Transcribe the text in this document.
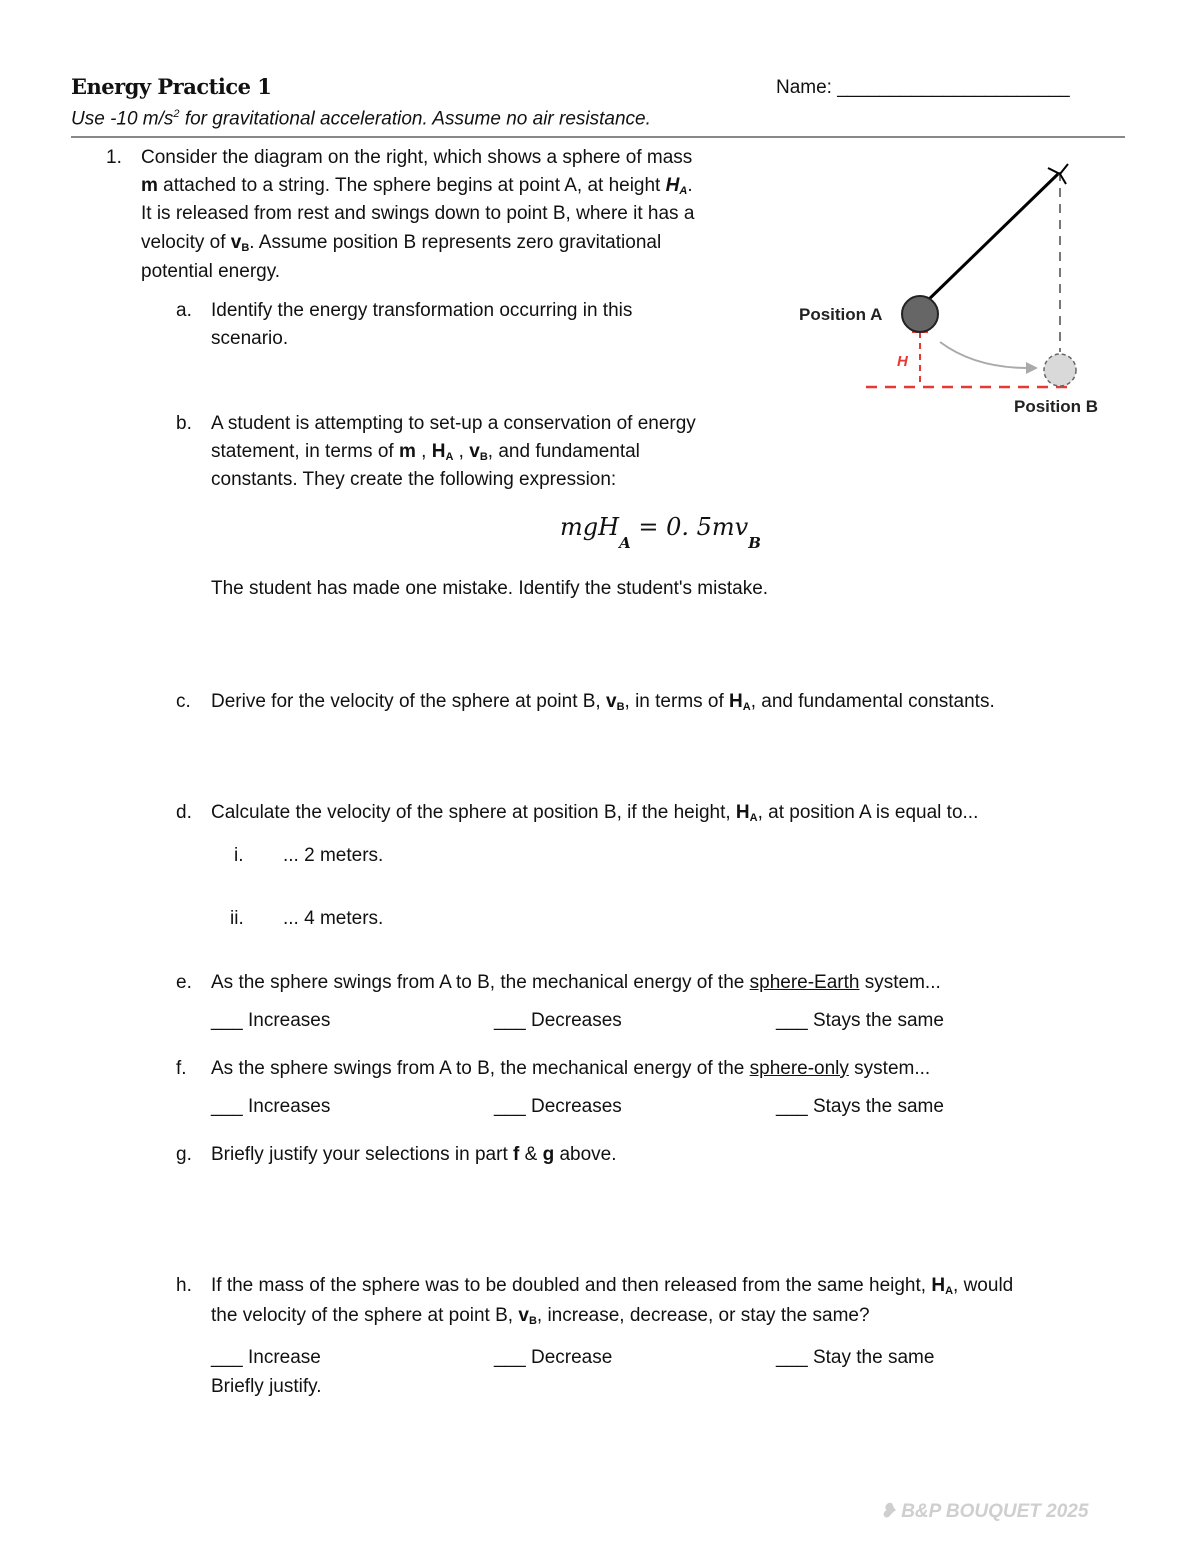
Energy Practice 1	Name: ______________________
Use -10 $m/s^2$ for gravitational acceleration. Assume no air resistance.

1. Consider the diagram on the right, which shows a sphere of mass

m attached to a string. The sphere begins at point A, at height $H_A$.

It is released from rest and swings down to point B, where it has a

velocity of $v_B$. Assume position B represents zero gravitational

potential energy.

a. Identify the energy transformation occurring in this

scenario.

b. A student is attempting to set-up a conservation of energy

statement, in terms of m , $H_A$ , $v_B$, and fundamental

constants. They create the following expression:

mgH$_A$ = 0. $5mv_B$

The student has made one mistake. Identify the student's mistake.

c. Derive for the velocity of the sphere at point B, $v_B$, in terms of $H_A$, and fundamental constants.

d. Calculate the velocity of the sphere at position B, if the height, $H_A$, at position A is equal to...

i. ... 2 meters.

ii. ... 4 meters.

e. As the sphere swings from A to B, the mechanical energy of the sphere-Earth system...

___ Increases	___ Decreases	___ Stays the same

f. As the sphere swings from A to B, the mechanical energy of the sphere-only system...

___ Increases	___ Decreases	___ Stays the same

g. Briefly justify your selections in part f & g above.

h. If the mass of the sphere was to be doubled and then released from the same height, $H_A$, would

the velocity of the sphere at point B, $v_B$, increase, decrease, or stay the same?

___ Increase	___ Decrease	___ Stay the same

Briefly justify.

Position A
Position B
H
❥ B&P BOUQUET 2025
